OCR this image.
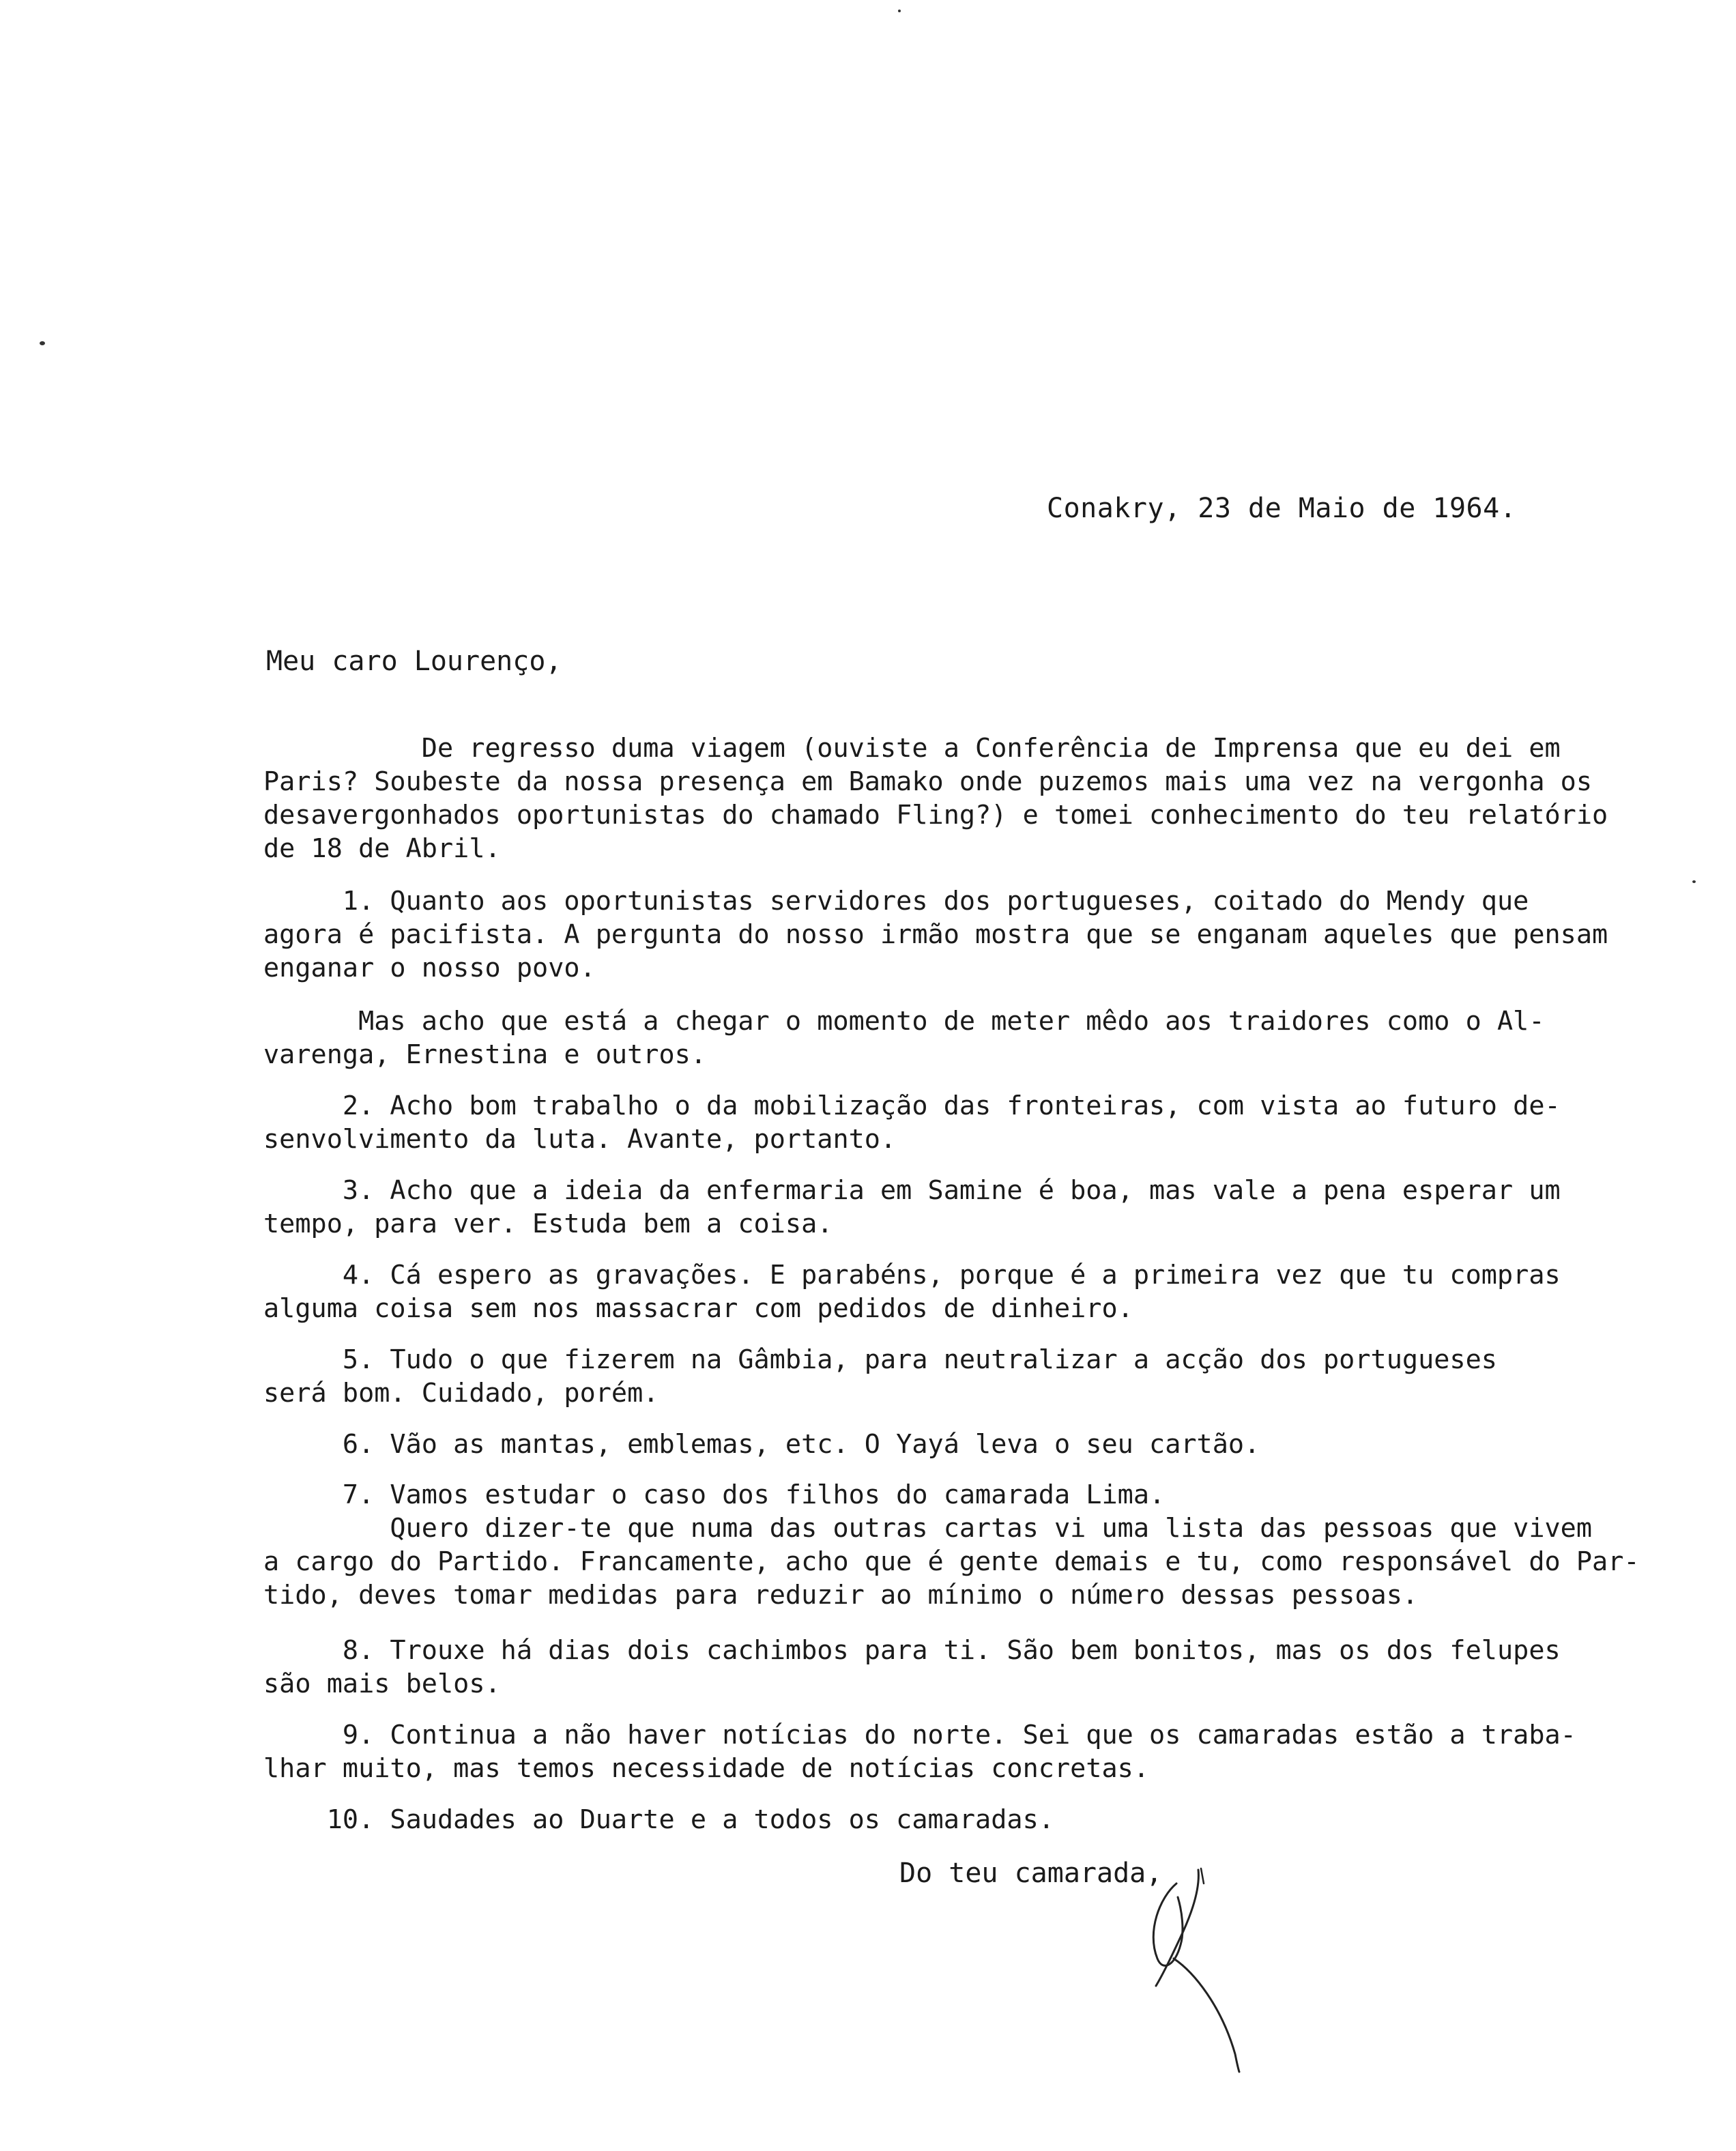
Conakry, 23 de Maio de 1964.
Meu caro Lourenço,
De regresso duma viagem (ouviste a Conferência de Imprensa que eu dei em
Paris? Soubeste da nossa presença em Bamako onde puzemos mais uma vez na vergonha os
desavergonhados oportunistas do chamado Fling?) e tomei conhecimento do teu relatório
de 18 de Abril.
1. Quanto aos oportunistas servidores dos portugueses, coitado do Mendy que
agora é pacifista. A pergunta do nosso irmão mostra que se enganam aqueles que pensam
enganar o nosso povo.
Mas acho que está a chegar o momento de meter mêdo aos traidores como o Al-
varenga, Ernestina e outros.
2. Acho bom trabalho o da mobilização das fronteiras, com vista ao futuro de-
senvolvimento da luta. Avante, portanto.
3. Acho que a ideia da enfermaria em Samine é boa, mas vale a pena esperar um
tempo, para ver. Estuda bem a coisa.
4. Cá espero as gravações. E parabéns, porque é a primeira vez que tu compras
alguma coisa sem nos massacrar com pedidos de dinheiro.
5. Tudo o que fizerem na Gâmbia, para neutralizar a acção dos portugueses
será bom. Cuidado, porém.
6. Vão as mantas, emblemas, etc. O Yayá leva o seu cartão.
7. Vamos estudar o caso dos filhos do camarada Lima.
Quero dizer-te que numa das outras cartas vi uma lista das pessoas que vivem
a cargo do Partido. Francamente, acho que é gente demais e tu, como responsável do Par-
tido, deves tomar medidas para reduzir ao mínimo o número dessas pessoas.
8. Trouxe há dias dois cachimbos para ti. São bem bonitos, mas os dos felupes
são mais belos.
9. Continua a não haver notícias do norte. Sei que os camaradas estão a traba-
lhar muito, mas temos necessidade de notícias concretas.
10. Saudades ao Duarte e a todos os camaradas.
Do teu camarada,
